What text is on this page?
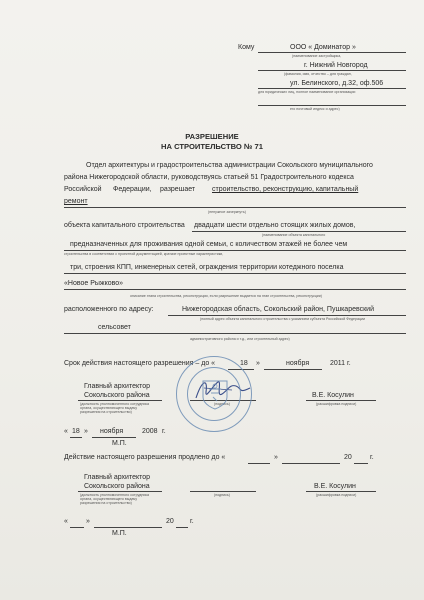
Кому	ООО « Доминатор »
(наименование застройщика,
г. Нижний Новгород
(фамилия, имя, отчество – для граждан,
ул. Белинского, д.32, оф.506
для юридических лиц, полное наименование организации
его почтовый индекс и адрес)
РАЗРЕШЕНИЕ
НА СТРОИТЕЛЬСТВО № 71
Отдел архитектуры и градостроительства администрации Сокольского муниципального
района Нижегородской области, руководствуясь статьей 51 Градостроительного кодекса
Российской Федерации, разрешает строительство, реконструкцию, капитальный
ремонт
(ненужное зачеркнуть)
объекта капитального строительства двадцати шести отдельно стоящих жилых домов,
(наименование объекта капитального
предназначенных для проживания одной семьи, с количеством этажей не более чем
строительства в соответствии с проектной документацией, краткие проектные характеристики,
три, строения КПП, инженерных сетей, ограждения территории котеджного поселка
«Новое Рыжково»
описание этапа строительства, реконструкции, если разрешение выдается на этап строительства, реконструкции)
расположенного по адресу:	Нижегородская область, Сокольский район, Пушкаревский
(полный адрес объекта капитального строительства с указанием субъекта Российской Федерации
сельсовет
административного района и т.д., или строительный адрес)
Срок действия настоящего разрешения – до «	18 »	ноября	2011 г.
Главный архитектор
Сокольского района
(должность уполномоченного сотрудника
органа, осуществляющего выдачу
разрешения на строительство)
(подпись)
В.Е. Косулин
(расшифровка подписи)
« 18 » ноября	2008 г.
М.П.
Действие настоящего разрешения продлено до «	»	20	г.
Главный архитектор
Сокольского района
(должность уполномоченного сотрудника
органа, осуществляющего выдачу
разрешения на строительство)
(подпись)
В.Е. Косулин
(расшифровка подписи)
«	»	20 г.
М.П.
